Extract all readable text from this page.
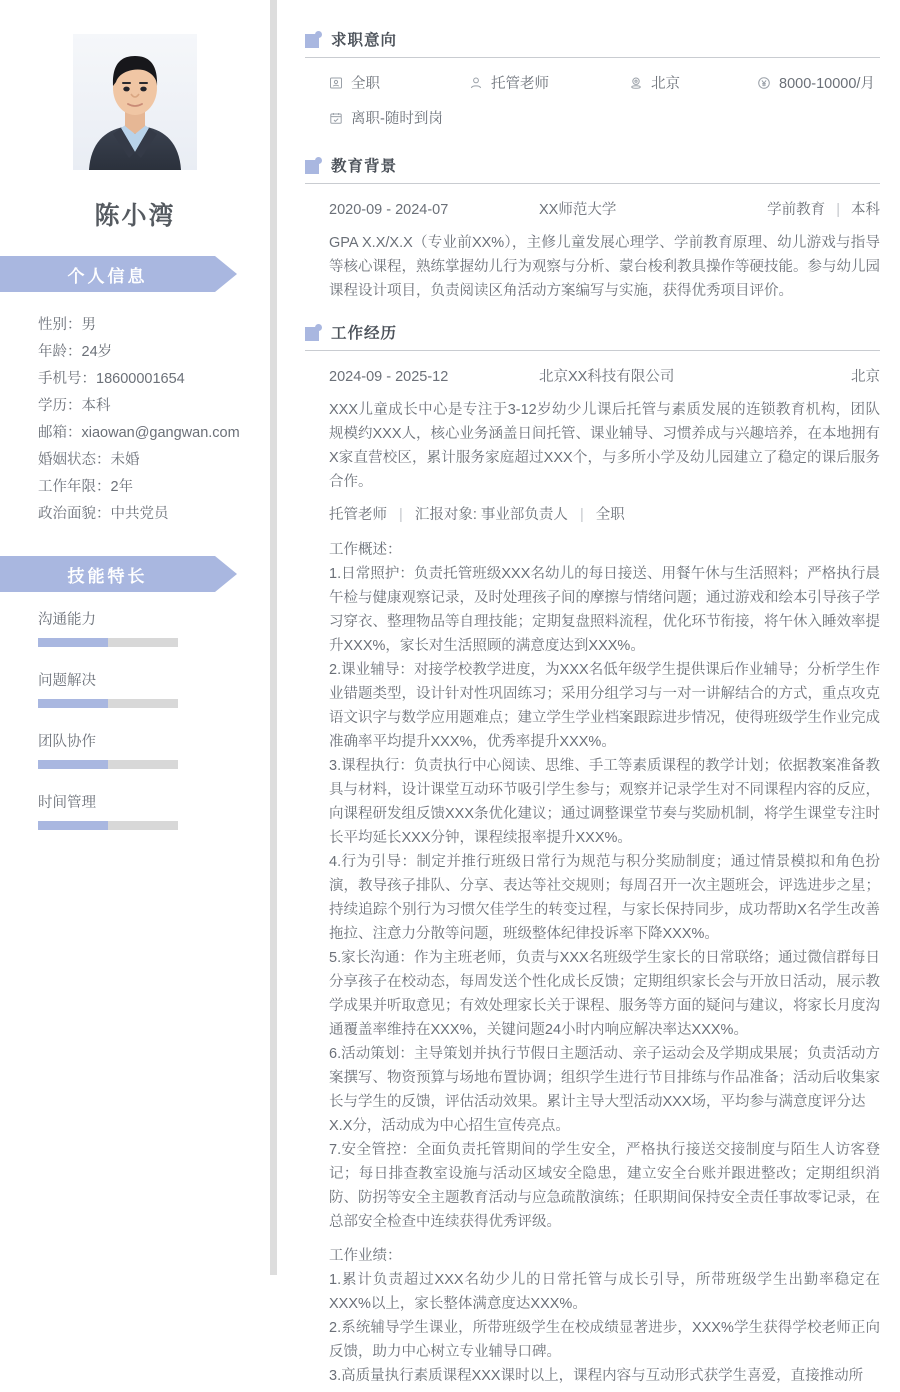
陈小湾
个人信息
性别：男
年龄：24岁
手机号：18600001654
学历：本科
邮箱：xiaowan@gangwan.com
婚姻状态：未婚
工作年限：2年
政治面貌：中共党员
技能特长
沟通能力
问题解决
团队协作
时间管理
求职意向
全职	托管老师	北京	8000-10000/月
离职-随时到岗
教育背景
2020-09 - 2024-07	XX师范大学	学前教育 | 本科
GPA X.X/X.X（专业前XX%），主修儿童发展心理学、学前教育原理、幼儿游戏与指导等核心课程，熟练掌握幼儿行为观察与分析、蒙台梭利教具操作等硬技能。参与幼儿园课程设计项目，负责阅读区角活动方案编写与实施，获得优秀项目评价。
工作经历
2024-09 - 2025-12	北京XX科技有限公司	北京
XXX儿童成长中心是专注于3-12岁幼少儿课后托管与素质发展的连锁教育机构，团队规模约XXX人，核心业务涵盖日间托管、课业辅导、习惯养成与兴趣培养，在本地拥有X家直营校区，累计服务家庭超过XXX个，与多所小学及幼儿园建立了稳定的课后服务合作。
托管老师 | 汇报对象: 事业部负责人 | 全职

工作概述：

1.日常照护：负责托管班级XXX名幼儿的每日接送、用餐午休与生活照料；严格执行晨午检与健康观察记录，及时处理孩子间的摩擦与情绪问题；通过游戏和绘本引导孩子学习穿衣、整理物品等自理技能；定期复盘照料流程，优化环节衔接，将午休入睡效率提升XXX%，家长对生活照顾的满意度达到XXX%。

2.课业辅导：对接学校教学进度，为XXX名低年级学生提供课后作业辅导；分析学生作业错题类型，设计针对性巩固练习；采用分组学习与一对一讲解结合的方式，重点攻克语文识字与数学应用题难点；建立学生学业档案跟踪进步情况，使得班级学生作业完成准确率平均提升XXX%，优秀率提升XXX%。

3.课程执行：负责执行中心阅读、思维、手工等素质课程的教学计划；依据教案准备教具与材料，设计课堂互动环节吸引学生参与；观察并记录学生对不同课程内容的反应，向课程研发组反馈XXX条优化建议；通过调整课堂节奏与奖励机制，将学生课堂专注时长平均延长XXX分钟，课程续报率提升XXX%。

4.行为引导：制定并推行班级日常行为规范与积分奖励制度；通过情景模拟和角色扮演，教导孩子排队、分享、表达等社交规则；每周召开一次主题班会，评选进步之星；持续追踪个别行为习惯欠佳学生的转变过程，与家长保持同步，成功帮助X名学生改善拖拉、注意力分散等问题，班级整体纪律投诉率下降XXX%。

5.家长沟通：作为主班老师，负责与XXX名班级学生家长的日常联络；通过微信群每日分享孩子在校动态，每周发送个性化成长反馈；定期组织家长会与开放日活动，展示教学成果并听取意见；有效处理家长关于课程、服务等方面的疑问与建议，将家长月度沟通覆盖率维持在XXX%，关键问题24小时内响应解决率达XXX%。

6.活动策划：主导策划并执行节假日主题活动、亲子运动会及学期成果展；负责活动方案撰写、物资预算与场地布置协调；组织学生进行节目排练与作品准备；活动后收集家长与学生的反馈，评估活动效果。累计主导大型活动XXX场，平均参与满意度评分达

X.X分，活动成为中心招生宣传亮点。

7.安全管控：全面负责托管期间的学生安全，严格执行接送交接制度与陌生人访客登记；每日排查教室设施与活动区域安全隐患，建立安全台账并跟进整改；定期组织消防、防拐等安全主题教育活动与应急疏散演练；任职期间保持安全责任事故零记录，在总部安全检查中连续获得优秀评级。

工作业绩：

1.累计负责超过XXX名幼少儿的日常托管与成长引导，所带班级学生出勤率稳定在XXX%以上，家长整体满意度达XXX%。

2.系统辅导学生课业，所带班级学生在校成绩显著进步，XXX%学生获得学校老师正向反馈，助力中心树立专业辅导口碑。

3.高质量执行素质课程XXX课时以上，课程内容与互动形式获学生喜爱，直接推动所
